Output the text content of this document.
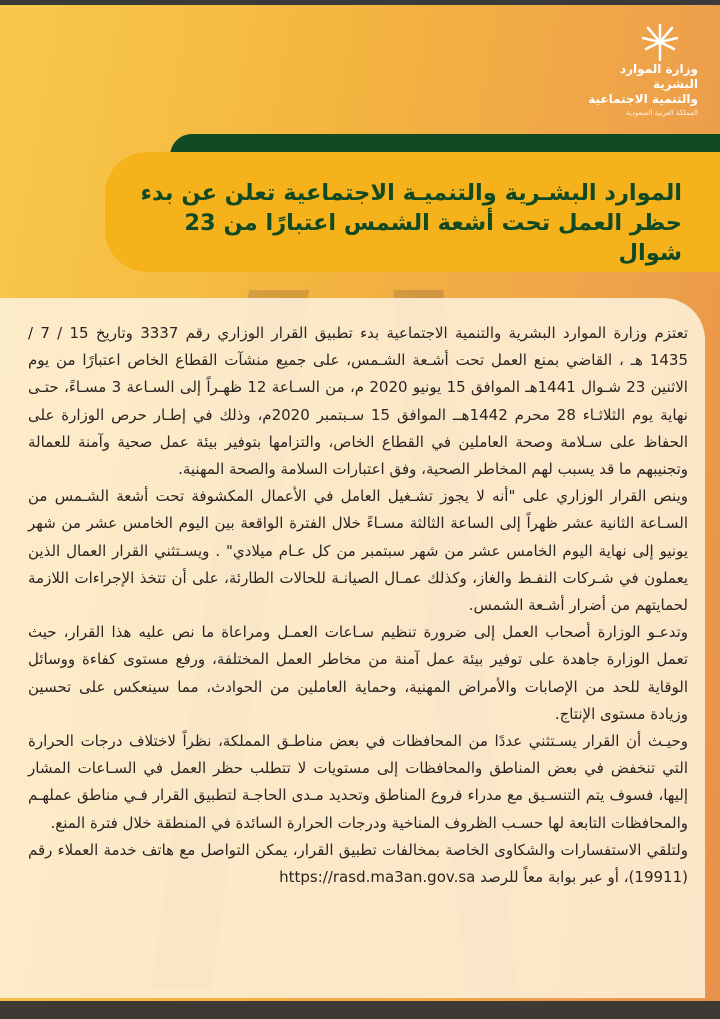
وزارة الموارد البشرية
والتنمية الاجتماعية
المملكة العربية السعودية
الموارد البشـرية والتنميـة الاجتماعية تعلن عن بدء حظر العمل تحت أشعة الشمس اعتبارًا من 23 شوال

تعتزم وزارة الموارد البشرية والتنمية الاجتماعية بدء تطبيق القرار الوزاري رقم 3337 وتاريخ 15 / 7 / 1435 هـ ، القاضي بمنع العمل تحت أشـعة الشـمس، على جميع منشآت القطاع الخاص اعتبارًا من يوم الاثنين 23 شـوال 1441هـ الموافق 15 يونيو 2020 م، من السـاعة 12 ظهـراً إلى السـاعة 3 مسـاءً، حتـى نهاية يوم الثلاثـاء 28 محرم 1442هــ الموافق 15 سـبتمبر 2020م، وذلك في إطـار حرص الوزارة على الحفاظ على سـلامة وصحة العاملين في القطاع الخاص، والتزامها بتوفير بيئة عمل صحية وآمنة للعمالة وتجنيبهم ما قد يسبب لهم المخاطر الصحية، وفق اعتبارات السلامة والصحة المهنية.

وينص القرار الوزاري على "أنه لا يجوز تشـغيل العامل في الأعمال المكشوفة تحت أشعة الشـمس من السـاعة الثانية عشر ظهراً إلى الساعة الثالثة مسـاءً خلال الفترة الواقعة بين اليوم الخامس عشر من شهر يونيو إلى نهاية اليوم الخامس عشر من شهر سبتمبر من كل عـام ميلادي" . ويسـتثني القرار العمال الذين يعملون في شـركات النفـط والغاز، وكذلك عمـال الصيانـة للحالات الطارئة، على أن تتخذ الإجراءات اللازمة لحمايتهم من أضرار أشـعة الشمس.

وتدعـو الوزارة أصحاب العمل إلى ضرورة تنظيم سـاعات العمـل ومراعاة ما نص عليه هذا القرار، حيث تعمل الوزارة جاهدة على توفير بيئة عمل آمنة من مخاطر العمل المختلفة، ورفع مستوى كفاءة ووسائل الوقاية للحد من الإصابات والأمراض المهنية، وحماية العاملين من الحوادث، مما سينعكس على تحسين وزيادة مستوى الإنتاج.

وحيـث أن القرار يسـتثني عددًا من المحافظات في بعض مناطـق المملكة، نظراً لاختلاف درجات الحرارة التي تنخفض في بعض المناطق والمحافظات إلى مستويات لا تتطلب حظر العمل في السـاعات المشار إليها، فسوف يتم التنسـيق مع مدراء فروع المناطق وتحديد مـدى الحاجـة لتطبيق القرار فـي مناطق عملهـم والمحافظات التابعة لها حسـب الظروف المناخية ودرجات الحرارة السائدة في المنطقة خلال فترة المنع.

ولتلقي الاستفسارات والشكاوى الخاصة بمخالفات تطبيق القرار، يمكن التواصل مع هاتف خدمة العملاء رقم (19911)، أو عبر بوابة معاً للرصد https://rasd.ma3an.gov.sa
